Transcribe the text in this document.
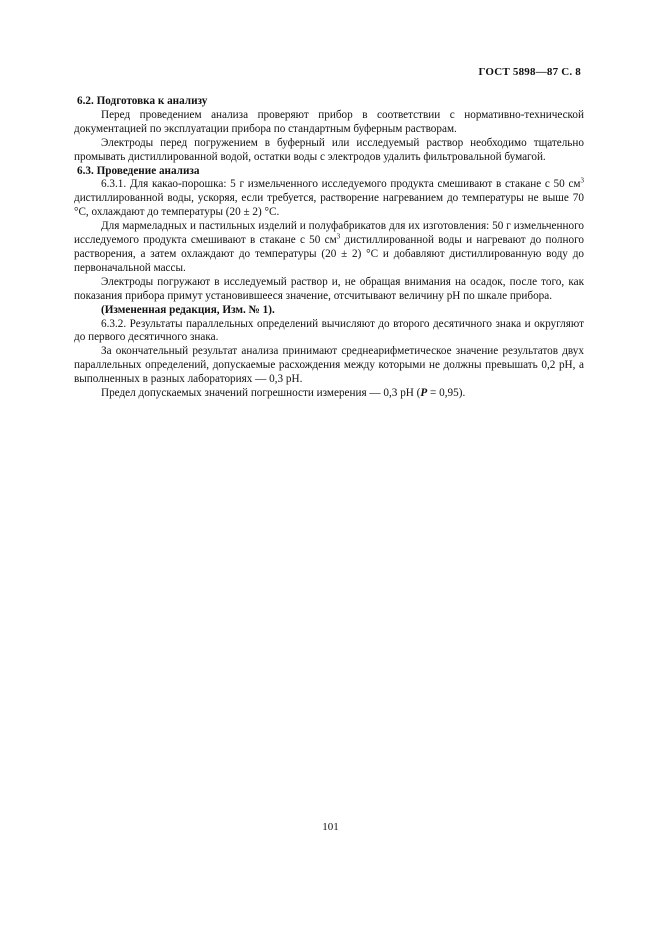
ГОСТ 5898—87 С. 8

6.2. Подготовка к анализу

Перед проведением анализа проверяют прибор в соответствии с нормативно-технической документацией по эксплуатации прибора по стандартным буферным растворам.

Электроды перед погружением в буферный или исследуемый раствор необходимо тщательно промывать дистиллированной водой, остатки воды с электродов удалить фильтровальной бумагой.

6.3. Проведение анализа

6.3.1. Для какао-порошка: 5 г измельченного исследуемого продукта смешивают в стакане с 50 $см^3$ дистиллированной воды, ускоряя, если требуется, растворение нагреванием до температуры не выше 70 °С, охлаждают до температуры (20 ± 2) °С.

Для мармеладных и пастильных изделий и полуфабрикатов для их изготовления: 50 г измельченного исследуемого продукта смешивают в стакане с 50 $см^3$ дистиллированной воды и нагревают до полного растворения, а затем охлаждают до температуры (20 ± 2) °С и добавляют дистиллированную воду до первоначальной массы.

Электроды погружают в исследуемый раствор и, не обращая внимания на осадок, после того, как показания прибора примут установившееся значение, отсчитывают величину рН по шкале прибора.

(Измененная редакция, Изм. № 1).

6.3.2. Результаты параллельных определений вычисляют до второго десятичного знака и округляют до первого десятичного знака.

За окончательный результат анализа принимают среднеарифметическое значение результатов двух параллельных определений, допускаемые расхождения между которыми не должны превышать 0,2 рН, а выполненных в разных лабораториях — 0,3 рН.

Предел допускаемых значений погрешности измерения — 0,3 рН (Р = 0,95).

101
